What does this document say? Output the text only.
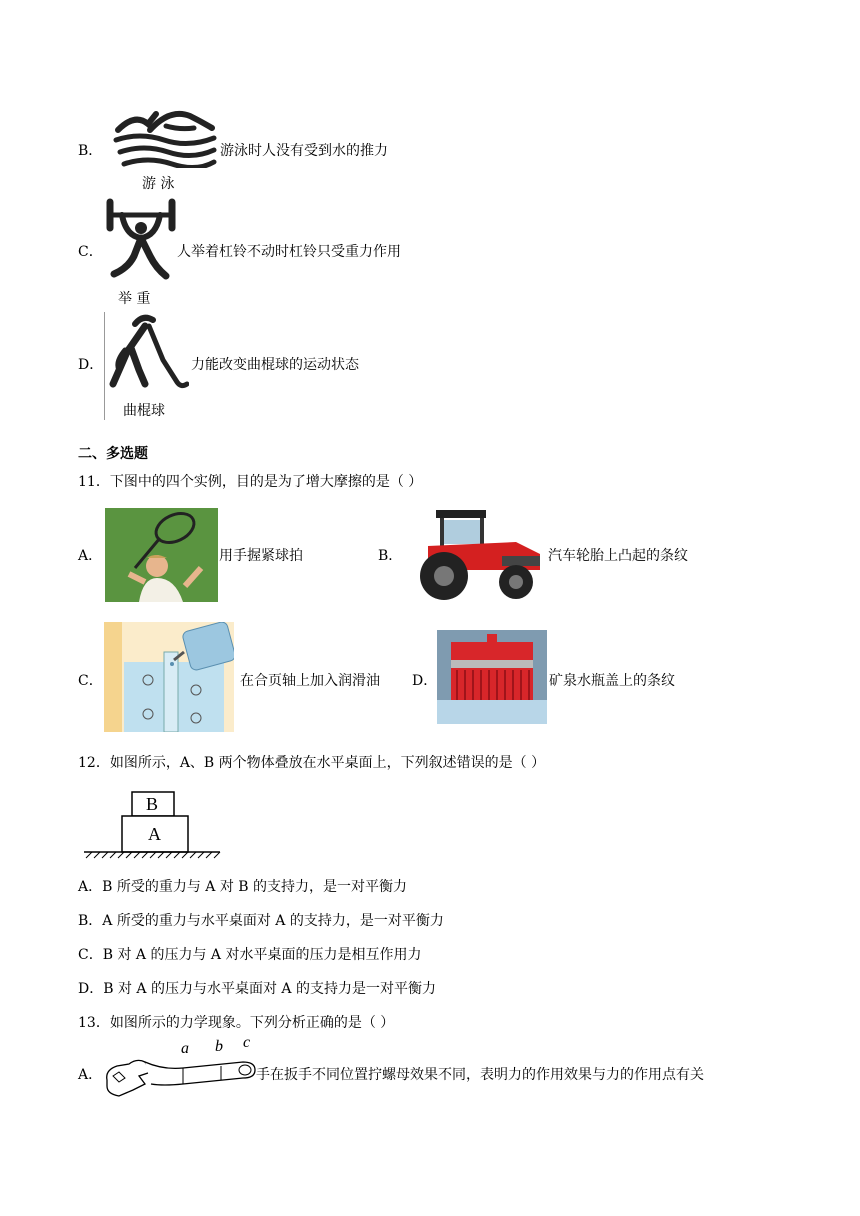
B．
游 泳
游泳时人没有受到水的推力
C．
举 重
人举着杠铃不动时杠铃只受重力作用
D．
曲棍球
力能改变曲棍球的运动状态
二、多选题
11．下图中的四个实例，目的是为了增大摩擦的是（ ）
A．	用手握紧球拍	B．	汽车轮胎上凸起的条纹
C．	在合页轴上加入润滑油 D．	矿泉水瓶盖上的条纹
12．如图所示，A、B 两个物体叠放在水平桌面上，下列叙述错误的是（ ）
B
A
A．B 所受的重力与 A 对 B 的支持力，是一对平衡力
B．A 所受的重力与水平桌面对 A 的支持力，是一对平衡力
C．B 对 A 的压力与 A 对水平桌面的压力是相互作用力
D．B 对 A 的压力与水平桌面对 A 的支持力是一对平衡力
13．如图所示的力学现象。下列分析正确的是（ ）
A．
a b c
手在扳手不同位置拧螺母效果不同，表明力的作用效果与力的作用点有关
